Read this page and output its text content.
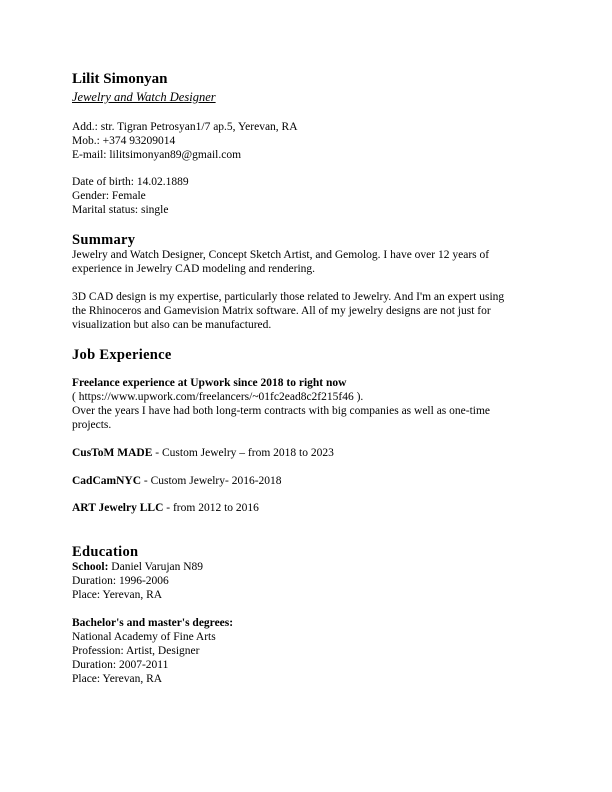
Lilit Simonyan
Jewelry and Watch Designer
Add.: str. Tigran Petrosyan1/7 ap.5, Yerevan, RA
Mob.: +374 93209014
E-mail: lilitsimonyan89@gmail.com
Date of birth: 14.02.1889
Gender: Female
Marital status: single
Summary
Jewelry and Watch Designer, Concept Sketch Artist, and Gemolog. I have over 12 years of
experience in Jewelry CAD modeling and rendering.
3D CAD design is my expertise, particularly those related to Jewelry. And I'm an expert using
the Rhinoceros and Gamevision Matrix software. All of my jewelry designs are not just for
visualization but also can be manufactured.
Job Experience
Freelance experience at Upwork since 2018 to right now
( https://www.upwork.com/freelancers/~01fc2ead8c2f215f46 ).
Over the years I have had both long-term contracts with big companies as well as one-time
projects.
CusToM MADE - Custom Jewelry – from 2018 to 2023
CadCamNYC - Custom Jewelry- 2016-2018
ART Jewelry LLC - from 2012 to 2016
Education
School: Daniel Varujan N89
Duration: 1996-2006
Place: Yerevan, RA
Bachelor's and master's degrees:
National Academy of Fine Arts
Profession: Artist, Designer
Duration: 2007-2011
Place: Yerevan, RA
